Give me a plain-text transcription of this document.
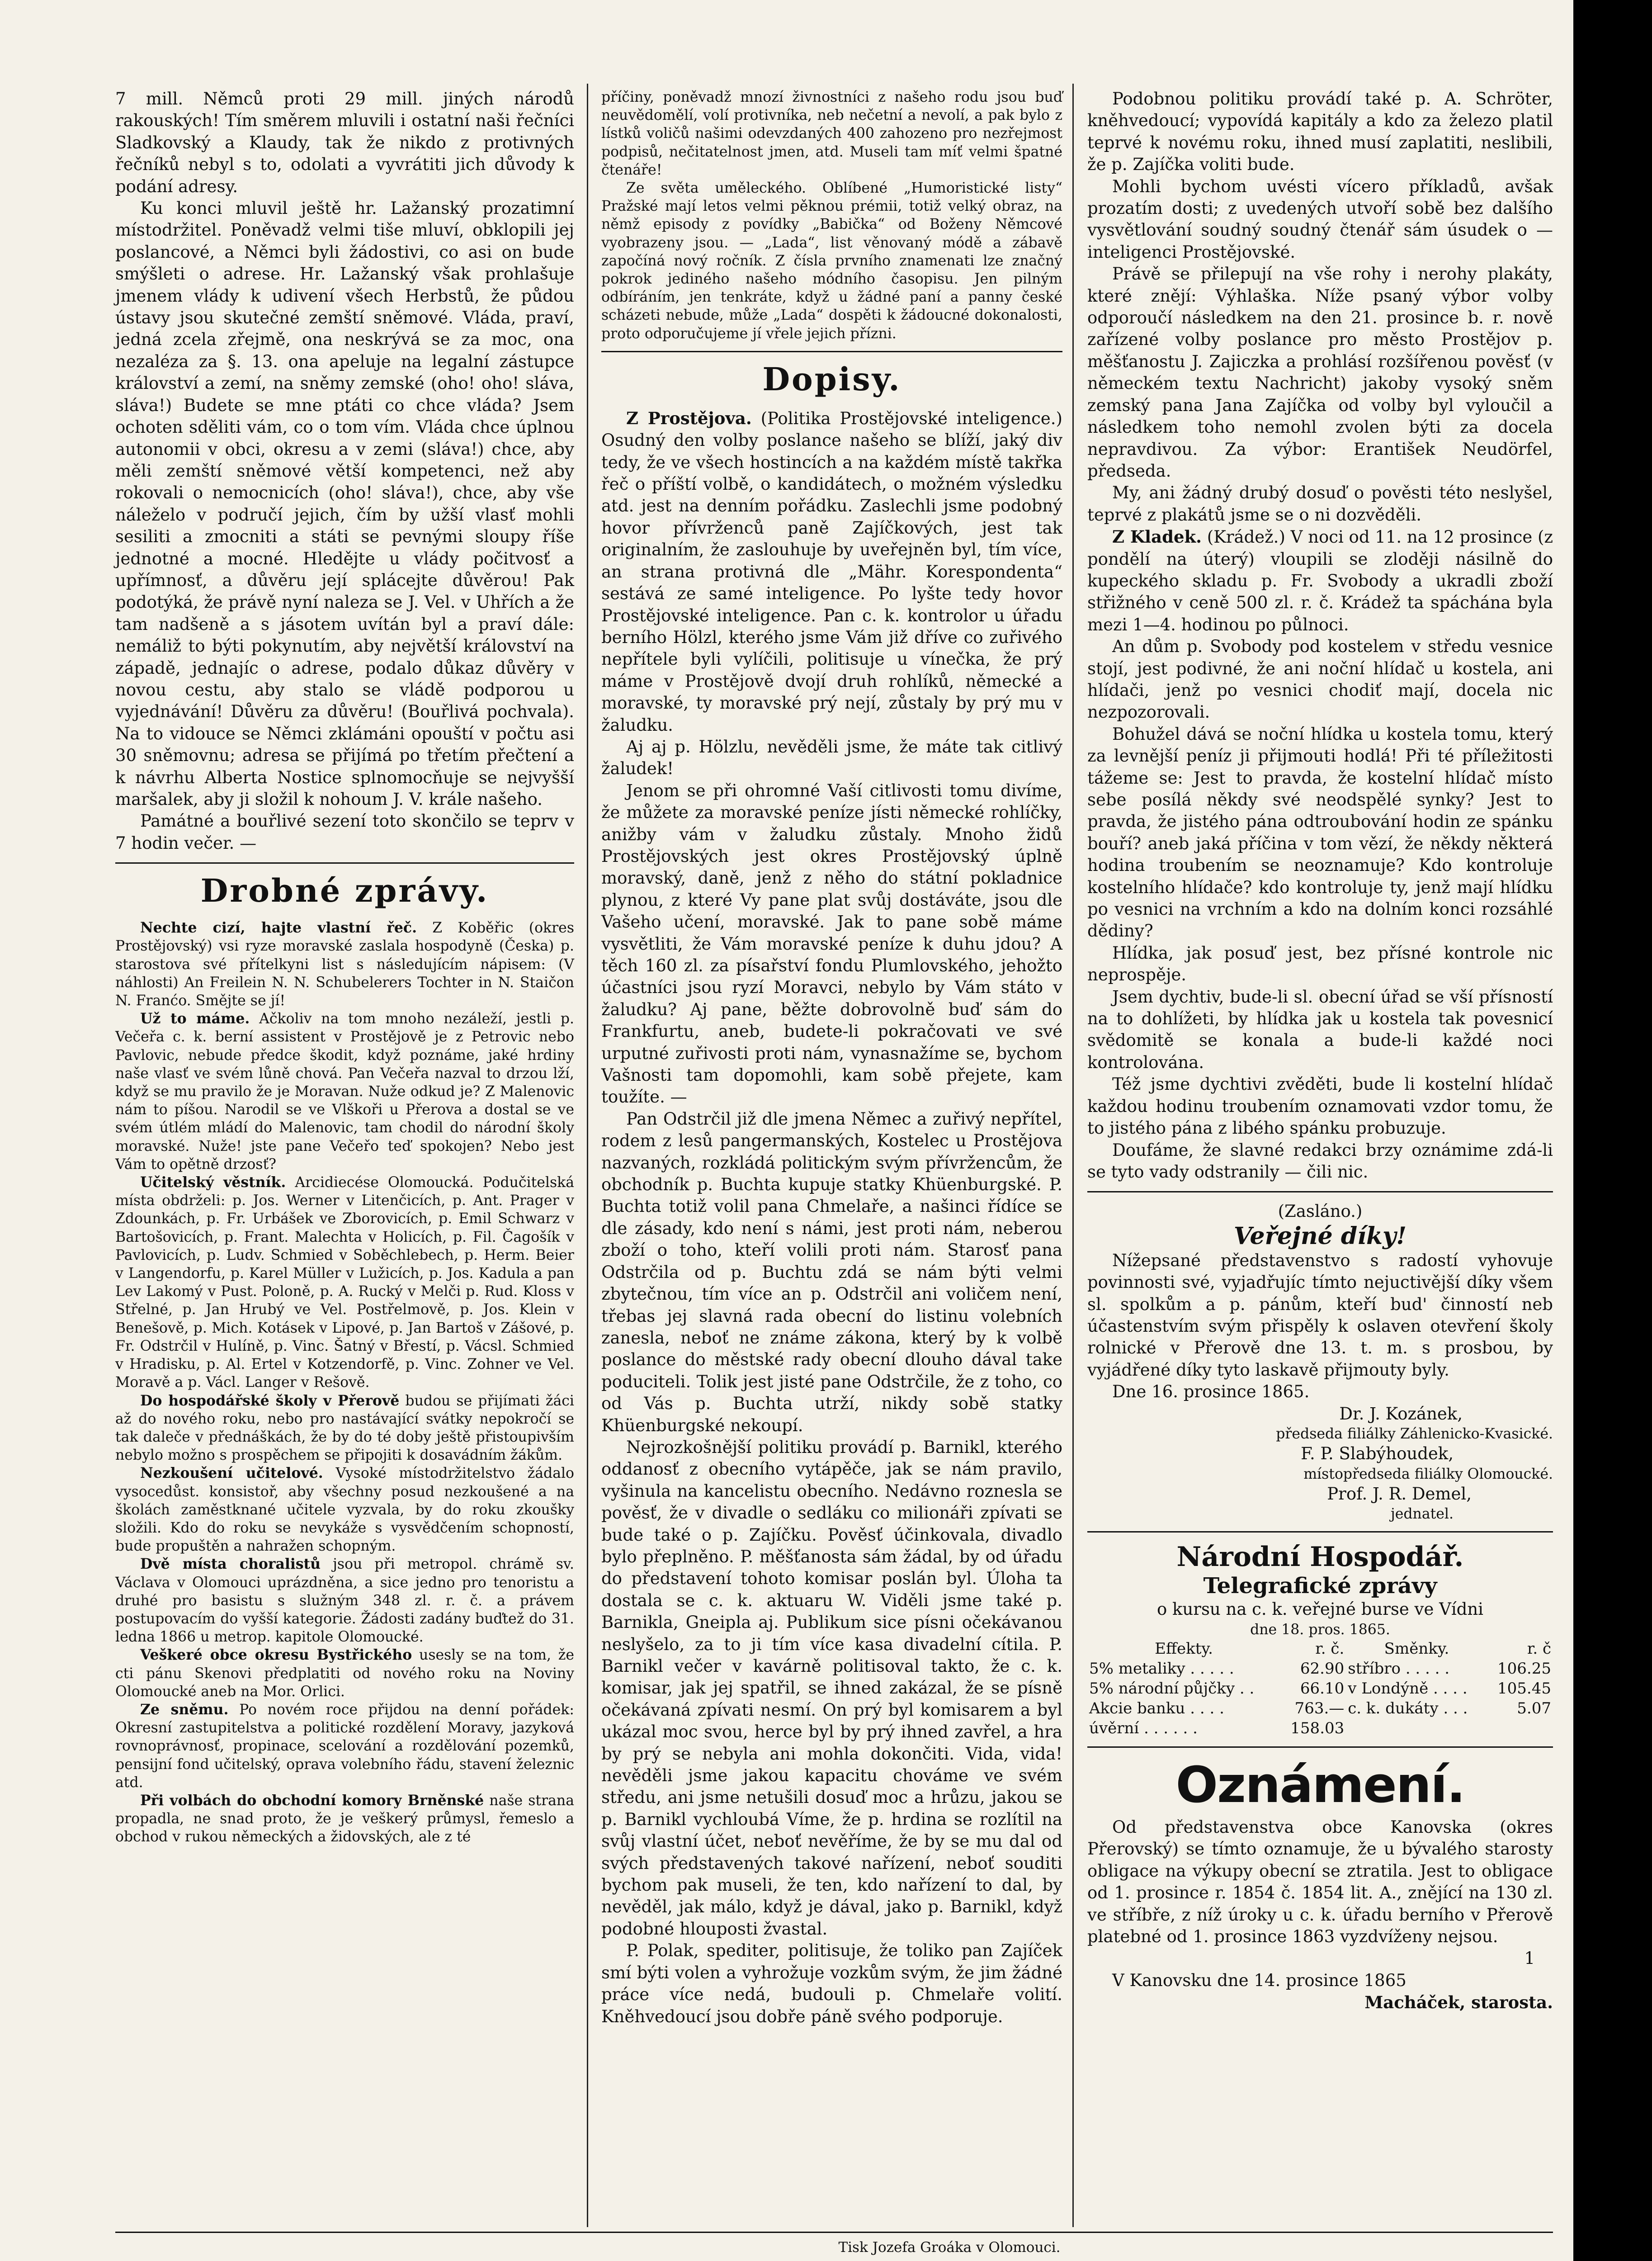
7 mill. Němců proti 29 mill. jiných národů rakouských! Tím směrem mluvili i ostatní naši řečníci Sladkovský a Klaudy, tak že nikdo z protivných řečníků nebyl s to, odolati a vyvrátiti jich důvody k podání adresy.

Ku konci mluvil ještě hr. Lažanský prozatimní místodržitel. Poněvadž velmi tiše mluví, obklopili jej poslancové, a Němci byli žádostivi, co asi on bude smýšleti o adrese. Hr. Lažanský však prohlašuje jmenem vlády k udivení všech Herbstů, že půdou ústavy jsou skutečné zemští sněmové. Vláda, praví, jedná zcela zřejmě, ona neskrývá se za moc, ona nezaléza za §. 13. ona apeluje na legalní zástupce království a zemí, na sněmy zemské (oho! oho! sláva, sláva!) Budete se mne ptáti co chce vláda? Jsem ochoten sděliti vám, co o tom vím. Vláda chce úplnou autonomii v obci, okresu a v zemi (sláva!) chce, aby měli zemští sněmové větší kompetenci, než aby rokovali o nemocnicích (oho! sláva!), chce, aby vše náleželo v područí jejich, čím by užší vlasť mohli sesiliti a zmocniti a státi se pevnými sloupy říše jednotné a mocné. Hledějte u vlády počitvosť a upřímnosť, a důvěru její splácejte důvěrou! Pak podotýká, že právě nyní naleza se J. Vel. v Uhřích a že tam nadšeně a s jásotem uvítán byl a praví dále: nemáliž to býti pokynutím, aby největší království na západě, jednajíc o adrese, podalo důkaz důvěry v novou cestu, aby stalo se vládě podporou u vyjednávání! Důvěru za důvěru! (Bouřlivá pochvala). Na to vidouce se Němci zklámáni opouští v počtu asi 30 sněmovnu; adresa se přijímá po třetím přečtení a k návrhu Alberta Nostice splnomocňuje se nejvyšší maršalek, aby ji složil k nohoum J. V. krále našeho.

Památné a bouřlivé sezení toto skončilo se teprv v 7 hodin večer. —

Drobné zprávy.

Nechte cizí, hajte vlastní řeč. Z Koběřic (okres Prostějovský) vsi ryze moravské zaslala hospodyně (Česka) p. starostova své přítelkyni list s následujícím nápisem: (V náhlosti) An Freilein N. N. Schubelerers Tochter in N. Staičon N. Franćo. Smějte se jí!

Už to máme. Ačkoliv na tom mnoho nezáleží, jestli p. Večeřa c. k. berní assistent v Prostějově je z Petrovic nebo Pavlovic, nebude předce škodit, když poznáme, jaké hrdiny naše vlasť ve svém lůně chová. Pan Večeřa nazval to drzou lží, když se mu pravilo že je Moravan. Nuže odkud je? Z Malenovic nám to píšou. Narodil se ve Vlškoři u Přerova a dostal se ve svém útlém mládí do Malenovic, tam chodil do národní školy moravské. Nuže! jste pane Večeřo teď spokojen? Nebo jest Vám to opětně drzosť?

Učitelský věstník. Arcidiecése Olomoucká. Podučitelská místa obdrželi: p. Jos. Werner v Litenčicích, p. Ant. Prager v Zdounkách, p. Fr. Urbášek ve Zborovicích, p. Emil Schwarz v Bartošovicích, p. Frant. Malechta v Holicích, p. Fil. Čagošík v Pavlovicích, p. Ludv. Schmied v Soběchlebech, p. Herm. Beier v Langendorfu, p. Karel Müller v Lužicích, p. Jos. Kadula a pan Lev Lakomý v Pust. Poloně, p. A. Rucký v Melči p. Rud. Kloss v Střelné, p. Jan Hrubý ve Vel. Postřelmově, p. Jos. Klein v Benešově, p. Mich. Kotásek v Lipové, p. Jan Bartoš v Zášové, p. Fr. Odstrčil v Hulíně, p. Vinc. Šatný v Břestí, p. Vácsl. Schmied v Hradisku, p. Al. Ertel v Kotzendorfě, p. Vinc. Zohner ve Vel. Moravě a p. Václ. Langer v Rešově.

Do hospodářské školy v Přerově budou se přijímati žáci až do nového roku, nebo pro nastávající svátky nepokročí se tak daleče v přednáškách, že by do té doby ještě přistoupivším nebylo možno s prospěchem se připojiti k dosavádním žákům.

Nezkoušení učitelové. Vysoké místodržitelstvo žádalo vysocedůst. konsistoř, aby všechny posud nezkoušené a na školách zaměstknané učitele vyzvala, by do roku zkoušky složili. Kdo do roku se nevykáže s vysvědčením schopností, bude propuštěn a nahražen schopným.

Dvě místa choralistů jsou při metropol. chrámě sv. Václava v Olomouci uprázdněna, a sice jedno pro tenoristu a druhé pro basistu s služným 348 zl. r. č. a právem postupovacím do vyšší kategorie. Žádosti zadány buďtež do 31. ledna 1866 u metrop. kapitole Olomoucké.

Veškeré obce okresu Bystřického usesly se na tom, že cti pánu Skenovi předplatiti od nového roku na Noviny Olomoucké aneb na Mor. Orlici.

Ze sněmu. Po novém roce přijdou na denní pořádek: Okresní zastupitelstva a politické rozdělení Moravy, jazyková rovnoprávnosť, propinace, scelování a rozdělování pozemků, pensijní fond učitelský, oprava volebního řádu, stavení železnic atd.

Při volbách do obchodní komory Brněnské naše strana propadla, ne snad proto, že je veškerý průmysl, řemeslo a obchod v rukou německých a židovských, ale z té

příčiny, poněvadž mnozí živnostníci z našeho rodu jsou buď neuvědomělí, volí protivníka, neb nečetní a nevolí, a pak bylo z lístků voličů našimi odevzdaných 400 zahozeno pro nezřejmost podpisů, nečitatelnost jmen, atd. Museli tam míť velmi špatné čtenáře!

Ze světa uměleckého. Oblíbené „Humoristické listy“ Pražské mají letos velmi pěknou prémii, totiž velký obraz, na němž episody z povídky „Babička“ od Boženy Němcové vyobrazeny jsou. — „Lada“, list věnovaný módě a zábavě započíná nový ročník. Z čísla prvního znamenati lze značný pokrok jediného našeho módního časopisu. Jen pilným odbíráním, jen tenkráte, když u žádné paní a panny české scházeti nebude, může „Lada“ dospěti k žádoucné dokonalosti, proto odporučujeme jí vřele jejich přízni.

Dopisy.

Z Prostějova. (Politika Prostějovské inteligence.) Osudný den volby poslance našeho se blíží, jaký div tedy, že ve všech hostincích a na každém místě takřka řeč o příští volbě, o kandidátech, o možném výsledku atd. jest na denním pořádku. Zaslechli jsme podobný hovor přívrženců paně Zajíčkových, jest tak originalním, že zaslouhuje by uveřejněn byl, tím více, an strana protivná dle „Mähr. Korespondenta“ sestává ze samé inteligence. Po lyšte tedy hovor Prostějovské inteligence. Pan c. k. kontrolor u úřadu berního Hölzl, kterého jsme Vám již dříve co zuřivého nepřítele byli vylíčili, politisuje u vínečka, že prý máme v Prostějově dvojí druh rohlíků, německé a moravské, ty moravské prý nejí, zůstaly by prý mu v žaludku.

Aj aj p. Hölzlu, nevěděli jsme, že máte tak citlivý žaludek!

Jenom se při ohromné Vaší citlivosti tomu divíme, že můžete za moravské peníze jísti německé rohlíčky, anižby vám v žaludku zůstaly. Mnoho židů Prostějovských jest okres Prostějovský úplně moravský, daně, jenž z něho do státní pokladnice plynou, z které Vy pane plat svůj dostáváte, jsou dle Vašeho učení, moravské. Jak to pane sobě máme vysvětliti, že Vám moravské peníze k duhu jdou? A těch 160 zl. za písařství fondu Plumlovského, jehožto účastníci jsou ryzí Moravci, nebylo by Vám státo v žaludku? Aj pane, běžte dobrovolně buď sám do Frankfurtu, aneb, budete-li pokračovati ve své urputné zuřivosti proti nám, vynasnažíme se, bychom Vašnosti tam dopomohli, kam sobě přejete, kam toužíte. —

Pan Odstrčil již dle jmena Němec a zuřivý nepřítel, rodem z lesů pangermanských, Kostelec u Prostějova nazvaných, rozkládá politickým svým přívržencům, že obchodník p. Buchta kupuje statky Khüenburgské. P. Buchta totiž volil pana Chmelaře, a našinci řídíce se dle zásady, kdo není s námi, jest proti nám, neberou zboží o toho, kteří volili proti nám. Starosť pana Odstrčila od p. Buchtu zdá se nám býti velmi zbytečnou, tím více an p. Odstrčil ani voličem není, třebas jej slavná rada obecní do listinu volebních zanesla, neboť ne známe zákona, který by k volbě poslance do městské rady obecní dlouho dával take poduciteli. Tolik jest jisté pane Odstrčile, že z toho, co od Vás p. Buchta utrží, nikdy sobě statky Khüenburgské nekoupí.

Nejrozkošnější politiku provádí p. Barnikl, kterého oddanosť z obecního vytápěče, jak se nám pravilo, vyšinula na kancelistu obecního. Nedávno roznesla se pověsť, že v divadle o sedláku co milionáři zpívati se bude také o p. Zajíčku. Pověsť účinkovala, divadlo bylo přeplněno. P. měšťanosta sám žádal, by od úřadu do představení tohoto komisar poslán byl. Úloha ta dostala se c. k. aktuaru W. Viděli jsme také p. Barnikla, Gneipla aj. Publikum sice písni očekávanou neslyšelo, za to ji tím více kasa divadelní cítila. P. Barnikl večer v kavárně politisoval takto, že c. k. komisar, jak jej spatřil, se ihned zakázal, že se písně očekávaná zpívati nesmí. On prý byl komisarem a byl ukázal moc svou, herce byl by prý ihned zavřel, a hra by prý se nebyla ani mohla dokončiti. Vida, vida! nevěděli jsme jakou kapacitu chováme ve svém středu, ani jsme netušili dosuď moc a hrůzu, jakou se p. Barnikl vychloubá Víme, že p. hrdina se rozlítil na svůj vlastní účet, neboť nevěříme, že by se mu dal od svých představených takové nařízení, neboť souditi bychom pak museli, že ten, kdo nařízení to dal, by nevěděl, jak málo, když je dával, jako p. Barnikl, když podobné hlouposti žvastal.

P. Polak, spediter, politisuje, že toliko pan Zajíček smí býti volen a vyhrožuje vozkům svým, že jim žádné práce více nedá, budouli p. Chmelaře volití. Kněhvedoucí jsou dobře páně svého podporuje.

Podobnou politiku provádí také p. A. Schröter, kněhvedoucí; vypovídá kapitály a kdo za železo platil teprvé k novému roku, ihned musí zaplatiti, neslibili, že p. Zajíčka voliti bude.

Mohli bychom uvésti vícero příkladů, avšak prozatím dosti; z uvedených utvoří sobě bez dalšího vysvětlování soudný soudný čtenář sám úsudek o — inteligenci Prostějovské.

Právě se přilepují na vše rohy i nerohy plakáty, které znějí: Výhlaška. Níže psaný výbor volby odporoučí následkem na den 21. prosince b. r. nově zařízené volby poslance pro město Prostějov p. měšťanostu J. Zajiczka a prohlásí rozšířenou pověsť (v německém textu Nachricht) jakoby vysoký sněm zemský pana Jana Zajíčka od volby byl vyloučil a následkem toho nemohl zvolen býti za docela nepravdivou. Za výbor: Erantišek Neudörfel, předseda.

My, ani žádný drubý dosuď o pověsti této neslyšel, teprvé z plakátů jsme se o ni dozvěděli.

Z Kladek. (Krádež.) V noci od 11. na 12 prosince (z pondělí na úterý) vloupili se zloději násilně do kupeckého skladu p. Fr. Svobody a ukradli zboží střižného v ceně 500 zl. r. č. Krádež ta spáchána byla mezi 1—4. hodinou po půlnoci.

An dům p. Svobody pod kostelem v středu vesnice stojí, jest podivné, že ani noční hlídač u kostela, ani hlídači, jenž po vesnici chodiť mají, docela nic nezpozorovali.

Bohužel dává se noční hlídka u kostela tomu, který za levnější peníz ji přijmouti hodlá! Při té příležitosti tážeme se: Jest to pravda, že kostelní hlídač místo sebe posílá někdy své neodspělé synky? Jest to pravda, že jistého pána odtroubování hodin ze spánku bouří? aneb jaká příčina v tom vězí, že někdy některá hodina troubením se neoznamuje? Kdo kontroluje kostelního hlídače? kdo kontroluje ty, jenž mají hlídku po vesnici na vrchním a kdo na dolním konci rozsáhlé dědiny?

Hlídka, jak posuď jest, bez přísné kontrole nic neprospěje.

Jsem dychtiv, bude-li sl. obecní úřad se vší přísností na to dohlížeti, by hlídka jak u kostela tak povesnicí svědomitě se konala a bude-li každé noci kontrolována.

Též jsme dychtivi zvěděti, bude li kostelní hlídač každou hodinu troubením oznamovati vzdor tomu, že to jistého pána z libého spánku probuzuje.

Doufáme, že slavné redakci brzy oznámime zdá-li se tyto vady odstranily — čili nic.

(Zasláno.)

Veřejné díky!

Nížepsané představenstvo s radostí vyhovuje povinnosti své, vyjadřujíc tímto nejuctivější díky všem sl. spolkům a p. pánům, kteří bud' činností neb účastenstvím svým přispěly k oslaven otevření školy rolnické v Přerově dne 13. t. m. s prosbou, by vyjádřené díky tyto laskavě přijmouty byly.

Dne 16. prosince 1865.

Dr. J. Kozánek,

předseda filiálky Záhlenicko-Kvasické.

F. P. Slabýhoudek,

místopředseda filiálky Olomoucké.

Prof. J. R. Demel,

jednatel.

Národní Hospodář.
Telegrafické zprávy

o kursu na c. k. veřejné burse ve Vídni

dne 18. pros. 1865.

Effekty.	r. č.	Směnky.	r. č
5% metaliky . . . . .	62.90	stříbro . . . . .	106.25
5% národní půjčky . .	66.10	v Londýně . . . .	105.45
Akcie banku . . . .	763.—	c. k. dukáty . . .	5.07
úvěrní . . . . . .	158.03		
Oznámení.

Od představenstva obce Kanovska (okres Přerovský) se tímto oznamuje, že u bývalého starosty obligace na výkupy obecní se ztratila. Jest to obligace od 1. prosince r. 1854 č. 1854 lit. A., znějící na 130 zl. ve stříbře, z níž úroky u c. k. úřadu berního v Přerově platebné od 1. prosince 1863 vyzdvíženy nejsou.

1

V Kanovsku dne 14. prosince 1865

Macháček, starosta.

Tisk Jozefa Groáka v Olomouci.
